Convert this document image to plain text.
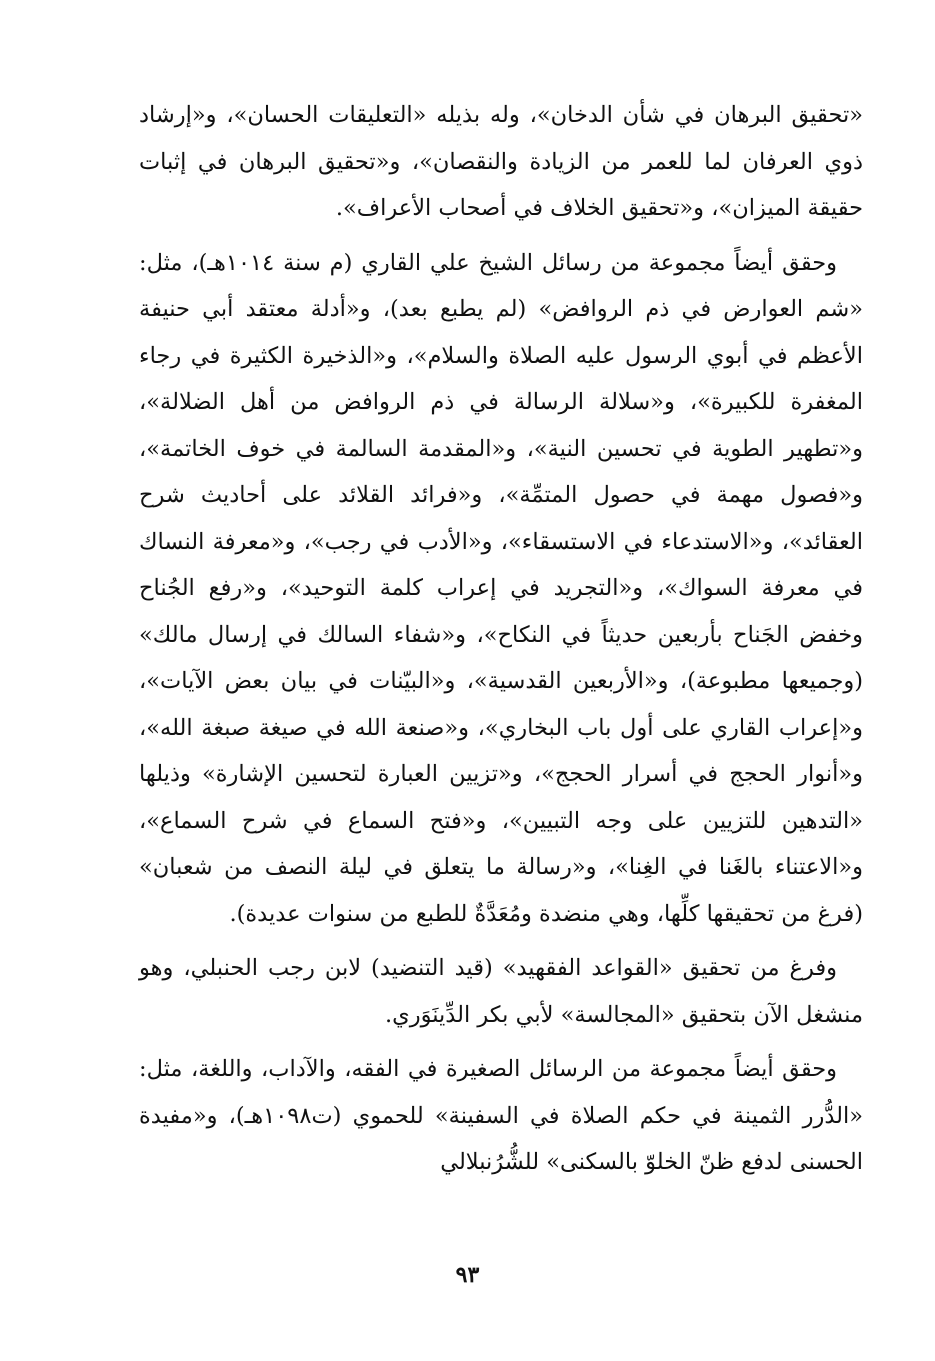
«تحقيق البرهان في شأن الدخان»، وله بذيله «التعليقات الحسان»، و«إرشاد ذوي العرفان لما للعمر من الزيادة والنقصان»، و«تحقيق البرهان في إثبات حقيقة الميزان»، و«تحقيق الخلاف في أصحاب الأعراف».

وحقق أيضاً مجموعة من رسائل الشيخ علي القاري (م سنة ١٠١٤هـ)، مثل: «شم العوارض في ذم الروافض» (لم يطبع بعد)، و«أدلة معتقد أبي حنيفة الأعظم في أبوي الرسول عليه الصلاة والسلام»، و«الذخيرة الكثيرة في رجاء المغفرة للكبيرة»، و«سلالة الرسالة في ذم الروافض من أهل الضلالة»، و«تطهير الطوية في تحسين النية»، و«المقدمة السالمة في خوف الخاتمة»، و«فصول مهمة في حصول المتمِّة»، و«فرائد القلائد على أحاديث شرح العقائد»، و«الاستدعاء في الاستسقاء»، و«الأدب في رجب»، و«معرفة النساك في معرفة السواك»، و«التجريد في إعراب كلمة التوحيد»، و«رفع الجُناح وخفض الجَناح بأربعين حديثاً في النكاح»، و«شفاء السالك في إرسال مالك» (وجميعها مطبوعة)، و«الأربعين القدسية»، و«البيّنات في بيان بعض الآيات»، و«إعراب القاري على أول باب البخاري»، و«صنعة الله في صيغة صبغة الله»، و«أنوار الحجج في أسرار الحجج»، و«تزيين العبارة لتحسين الإشارة» وذيلها «التدهين للتزيين على وجه التبيين»، و«فتح السماع في شرح السماع»، و«الاعتناء بالغَنا في الغِنا»، و«رسالة ما يتعلق في ليلة النصف من شعبان» (فرغ من تحقيقها كلِّها، وهي منضدة ومُعَدَّةٌ للطبع من سنوات عديدة).

وفرغ من تحقيق «القواعد الفقهيد» (قيد التنضيد) لابن رجب الحنبلي، وهو منشغل الآن بتحقيق «المجالسة» لأبي بكر الدِّينَوَري.

وحقق أيضاً مجموعة من الرسائل الصغيرة في الفقه، والآداب، واللغة، مثل: «الدُّرر الثمينة في حكم الصلاة في السفينة» للحموي (ت١٠٩٨هـ)، و«مفيدة الحسنى لدفع ظنّ الخلوّ بالسكنى» للشُّرُنبلالي

٩٣
